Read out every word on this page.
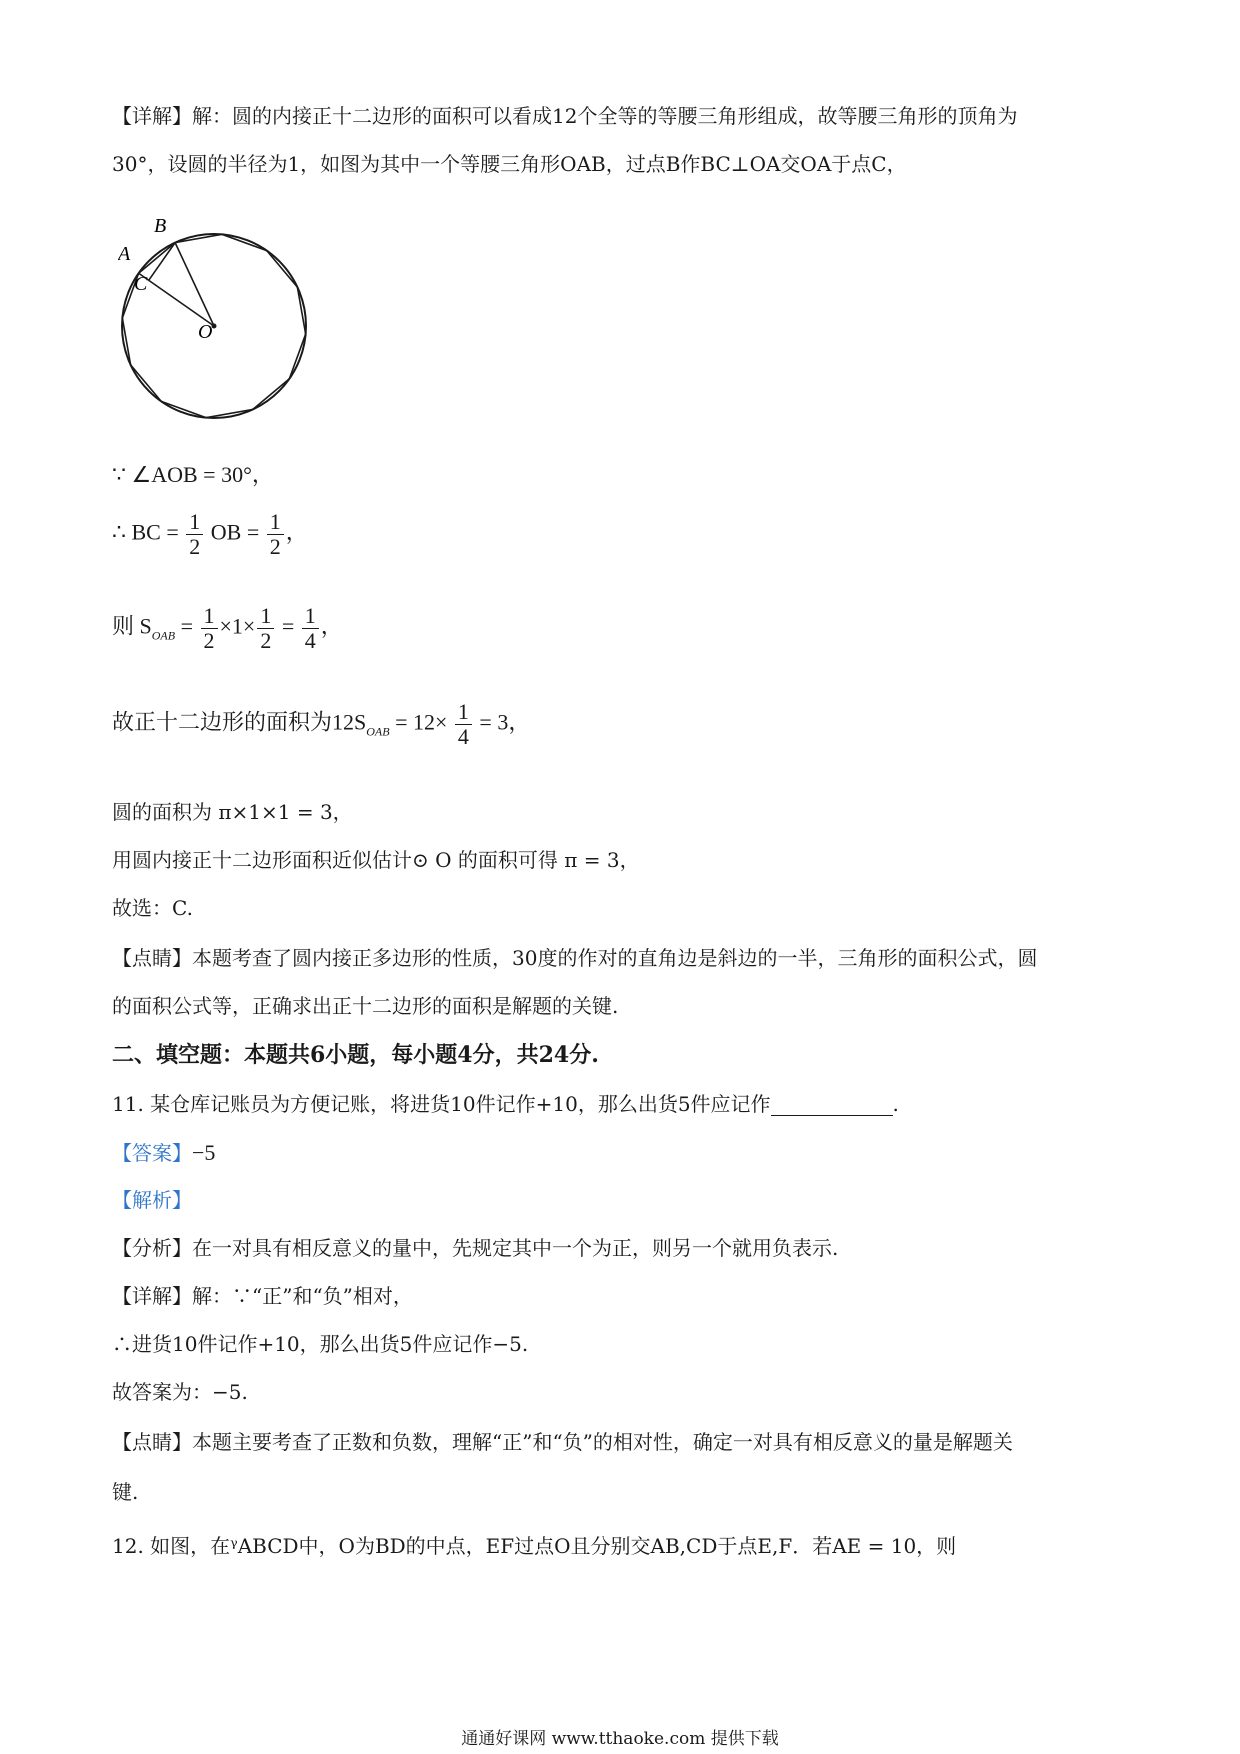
【详解】解：圆的内接正十二边形的面积可以看成12个全等的等腰三角形组成，故等腰三角形的顶角为
30°，设圆的半径为1，如图为其中一个等腰三角形OAB，过点B作BC⊥OA交OA于点C，
B
A
C
O
∵ ∠AOB = 30°，
∴ BC = $\frac{1}{2}$ OB = $\frac{1}{2}$ ，
则 $S_{OAB} = \frac{1}{2} \times 1\times \frac{1}{2} = \frac{1}{4}$ ，
故正十二边形的面积为$12S_{OAB} = 12\times \frac{1}{4} = 3$，
圆的面积为 π×1×1 = 3，
用圆内接正十二边形面积近似估计⊙ O 的面积可得 π = 3，
故选：C.
【点睛】本题考查了圆内接正多边形的性质，30度的作对的直角边是斜边的一半，三角形的面积公式，圆
的面积公式等，正确求出正十二边形的面积是解题的关键.
二、填空题：本题共6小题，每小题4分，共24分.
11. 某仓库记账员为方便记账，将进货10件记作+10，那么出货5件应记作	.
【答案】−5
【解析】
【分析】在一对具有相反意义的量中，先规定其中一个为正，则另一个就用负表示.
【详解】解：∵“正”和“负”相对，
∴进货10件记作+10，那么出货5件应记作−5.
故答案为：−5.
【点睛】本题主要考查了正数和负数，理解“正”和“负”的相对性，确定一对具有相反意义的量是解题关
键.
12. 如图，在ᵞABCD中，O为BD的中点，EF过点O且分别交AB,CD于点E,F．若AE = 10，则
通通好课网 www.tthaoke.com 提供下载
